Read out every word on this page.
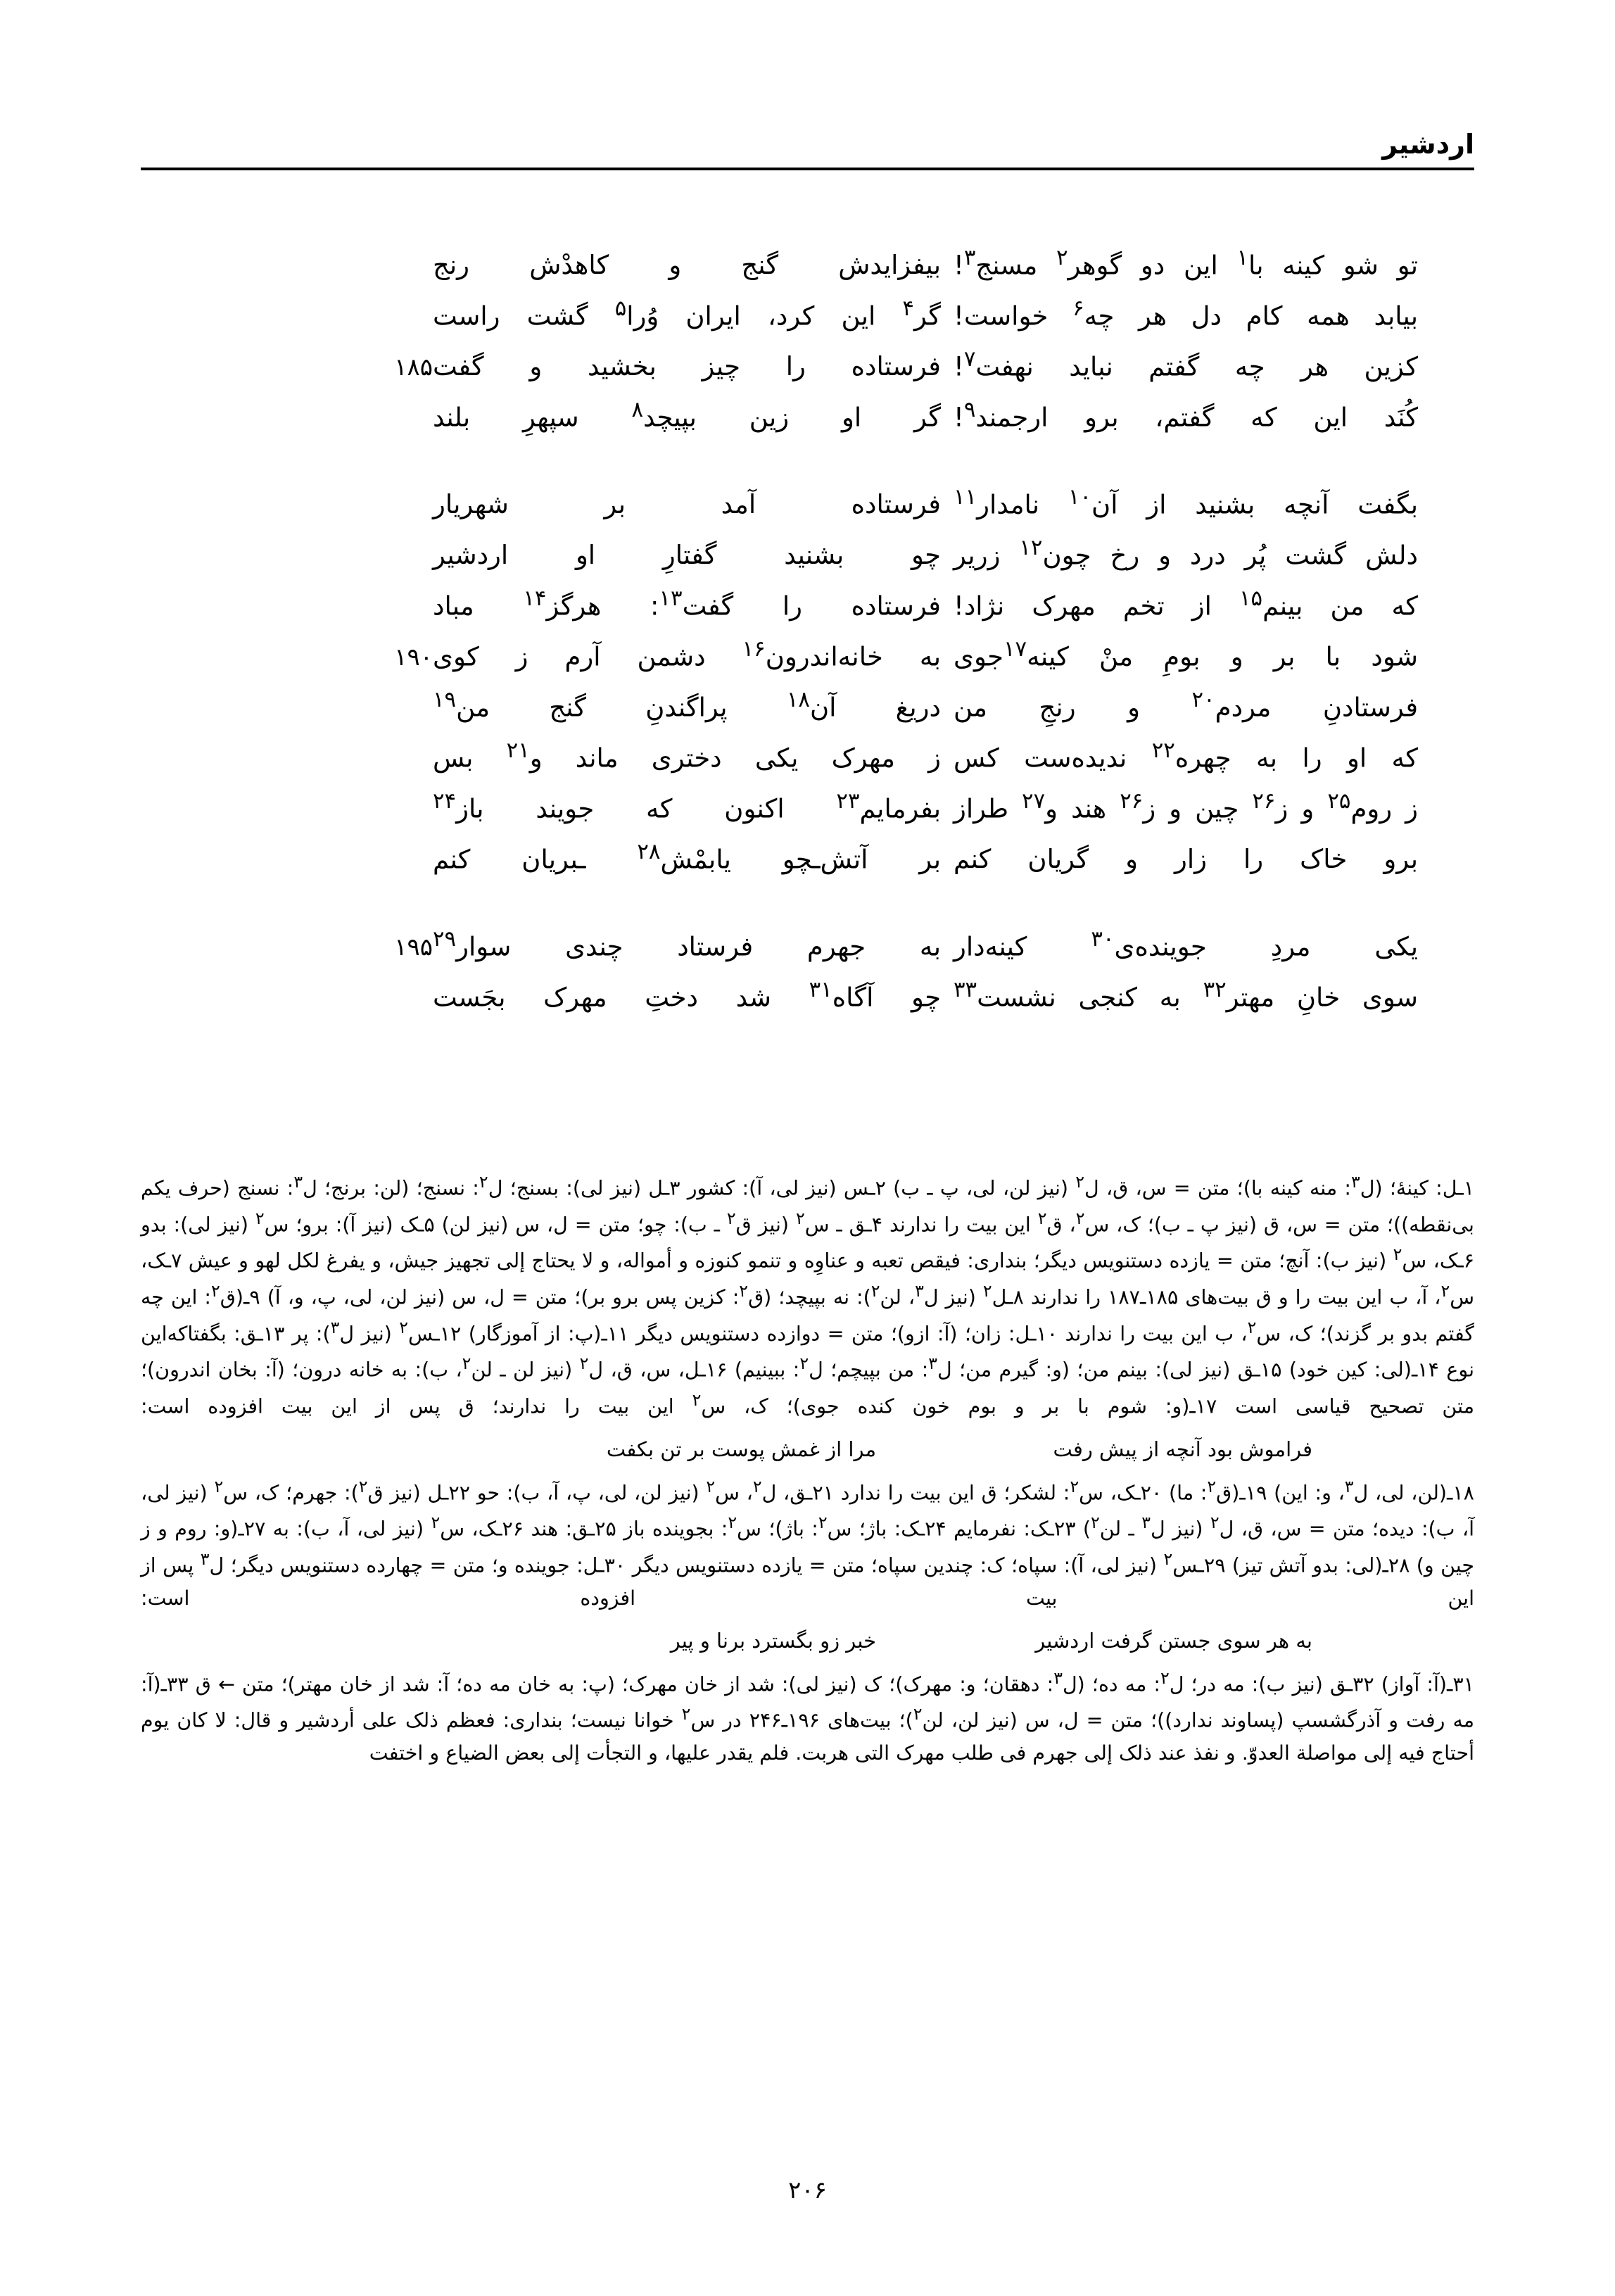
اردشیر
تو شو کینه با$^۱$ این دو گوهر$^۲$ مسنج$^۳$!
بیفزایدش گنج و کاهدْش رنج
بیابد همه کام دل هر چه$^۶$ خواست!
گر$^۴$ این کرد، ایران وُرا$^۵$ گشت راست
کزین هر چه گفتم نباید نهفت$^۷$!
فرستاده را چیز بخشید و گفت
۱۸۵
کُنَد این که گفتم، برو ارجمند$^۹$!
گر او زین بپیچد$^۸$ سپهرِ بلند
بگفت آنچه بشنید از آن$^{۱۰}$ نامدار$^{۱۱}$
فرستاده آمد بر شهریار
دلش گشت پُر درد و رخ چون$^{۱۲}$ زریر
چو بشنید گفتارِ او اردشیر
که من بینم$^{۱۵}$ از تخم مهرک نژاد!
فرستاده را گفت$^{۱۳}$: هرگز$^{۱۴}$ مباد
شود با بر و بومِ منْ کینه$^{۱۷}$جوی
به خانه‌اندرون$^{۱۶}$ دشمن آرم ز کوی
۱۹۰
فرستادنِ مردم$^{۲۰}$ و رنجِ من
دریغ آن$^{۱۸}$ پراگندنِ گنج من$^{۱۹}$
که او را به چهره$^{۲۲}$ ندیده‌ست کس
ز مهرک یکی دختری ماند و$^{۲۱}$ بس
ز روم$^{۲۵}$ و ز$^{۲۶}$ چین و ز$^{۲۶}$ هند و$^{۲۷}$ طراز
بفرمایم$^{۲۳}$ اکنون که جویند باز$^{۲۴}$
برو خاک را زار و گریان کنم
بر آتش‌ـچو یابمْش$^{۲۸}$ ـبریان کنم
یکی مردِ جوینده‌ی$^{۳۰}$ کینه‌دار
به جهرم فرستاد چندی سوار$^{۲۹}$
۱۹۵
سوی خانِ مهتر$^{۳۲}$ به کنجی نشست$^{۳۳}$
چو آگاه$^{۳۱}$ شد دختِ مهرک بجَست

۱ـل: کینهٔ؛ (ل$^۳$: منه کینه با)؛ متن = س، ق، ل$^۲$ (نیز لن، لی، پ ـ ب) ۲ـس (نیز لی، آ): کشور ۳ـل (نیز لی): بسنج؛ ل$^۲$: نسنج؛ (لن: برنج؛ ل$^۳$: نسنج (حرف یکم بی‌نقطه))؛ متن = س، ق (نیز پ ـ ب)؛ ک، س$^۲$، ق$^۲$ این بیت را ندارند ۴ـق ـ س$^۲$ (نیز ق$^۲$ ـ ب): چو؛ متن = ل، س (نیز لن) ۵ـک (نیز آ): برو؛ س$^۲$ (نیز لی): بدو ۶ـک، س$^۲$ (نیز ب): آنچ؛ متن = یازده دستنویس دیگر؛ بنداری: فیقص تعبه و عناوِه و تنمو کنوزه و أمواله، و لا یحتاج إلی تجهیز جیش، و یفرغ لکل لهو و عیش ۷ـک، س$^۲$، آ، ب این بیت را و ق بیت‌های ۱۸۵ـ۱۸۷ را ندارند ۸ـل$^۲$ (نیز ل$^۳$، لن$^۲$): نه بپیچد؛ (ق$^۲$: کزین پس برو بر)؛ متن = ل، س (نیز لن، لی، پ، و، آ) ۹ـ(ق$^۲$: این چه گفتم بدو بر گزند)؛ ک، س$^۲$، ب این بیت را ندارند ۱۰ـل: زان؛ (آ: ازو)؛ متن = دوازده دستنویس دیگر ۱۱ـ(پ: از آموزگار) ۱۲ـس$^۲$ (نیز ل$^۳$): پر ۱۳ـق: بگفتاکه‌این نوع ۱۴ـ(لی: کین خود) ۱۵ـق (نیز لی): بینم من؛ (و: گیرم من؛ ل$^۳$: من بپیچم؛ ل$^۲$: ببینیم) ۱۶ـل، س، ق، ل$^۲$ (نیز لن ـ لن$^۲$، ب): به خانه درون؛ (آ: بخان اندرون)؛ متن تصحیح قیاسی است ۱۷ـ(و: شوم با بر و بوم خون کنده جوی)؛ ک، س$^۲$ این بیت را ندارند؛ ق پس از این بیت افزوده است:

فراموش بود آنچه از پیش رفت
مرا از غمش پوست بر تن بکفت

۱۸ـ(لن، لی، ل$^۳$، و: این) ۱۹ـ(ق$^۲$: ما) ۲۰ـک، س$^۲$: لشکر؛ ق این بیت را ندارد ۲۱ـق، ل$^۲$، س$^۲$ (نیز لن، لی، پ، آ، ب): حو ۲۲ـل (نیز ق$^۲$): جهرم؛ ک، س$^۲$ (نیز لی، آ، ب): دیده؛ متن = س، ق، ل$^۲$ (نیز ل$^۳$ ـ لن$^۲$) ۲۳ـک: نفرمایم ۲۴ـک: باژ؛ س$^۲$: باژ)؛ س$^۲$: بجوینده باز ۲۵ـق: هند ۲۶ـک، س$^۲$ (نیز لی، آ، ب): به ۲۷ـ(و: روم و ز چین و) ۲۸ـ(لی: بدو آتش تیز) ۲۹ـس$^۲$ (نیز لی، آ): سپاه؛ ک: چندین سپاه؛ متن = یازده دستنویس دیگر ۳۰ـل: جوینده و؛ متن = چهارده دستنویس دیگر؛ ل$^۳$ پس از این بیت افزوده است:

به هر سوی جستن گرفت اردشیر
خبر زو بگسترد برنا و پیر

۳۱ـ(آ: آواز) ۳۲ـق (نیز ب): مه در؛ ل$^۲$: مه ده؛ (ل$^۳$: دهقان؛ و: مهرک)؛ ک (نیز لی): شد از خان مهرک؛ (پ: به خان مه ده؛ آ: شد از خان مهتر)؛ متن ← ق ۳۳ـ(آ: مه رفت و آذرگشسپ (پساوند ندارد))؛ متن = ل، س (نیز لن، لن$^۲$)؛ بیت‌های ۱۹۶ـ۲۴۶ در س$^۲$ خوانا نیست؛ بنداری: فعظم ذلک علی أردشیر و قال: لا کان یوم أحتاج فیه إلی مواصلة العدوّ. و نفذ عند ذلک إلی جهرم فی طلب مهرک التی هربت. فلم یقدر علیها، و التجأت إلی بعض الضیاع و اختفت

۲۰۶
